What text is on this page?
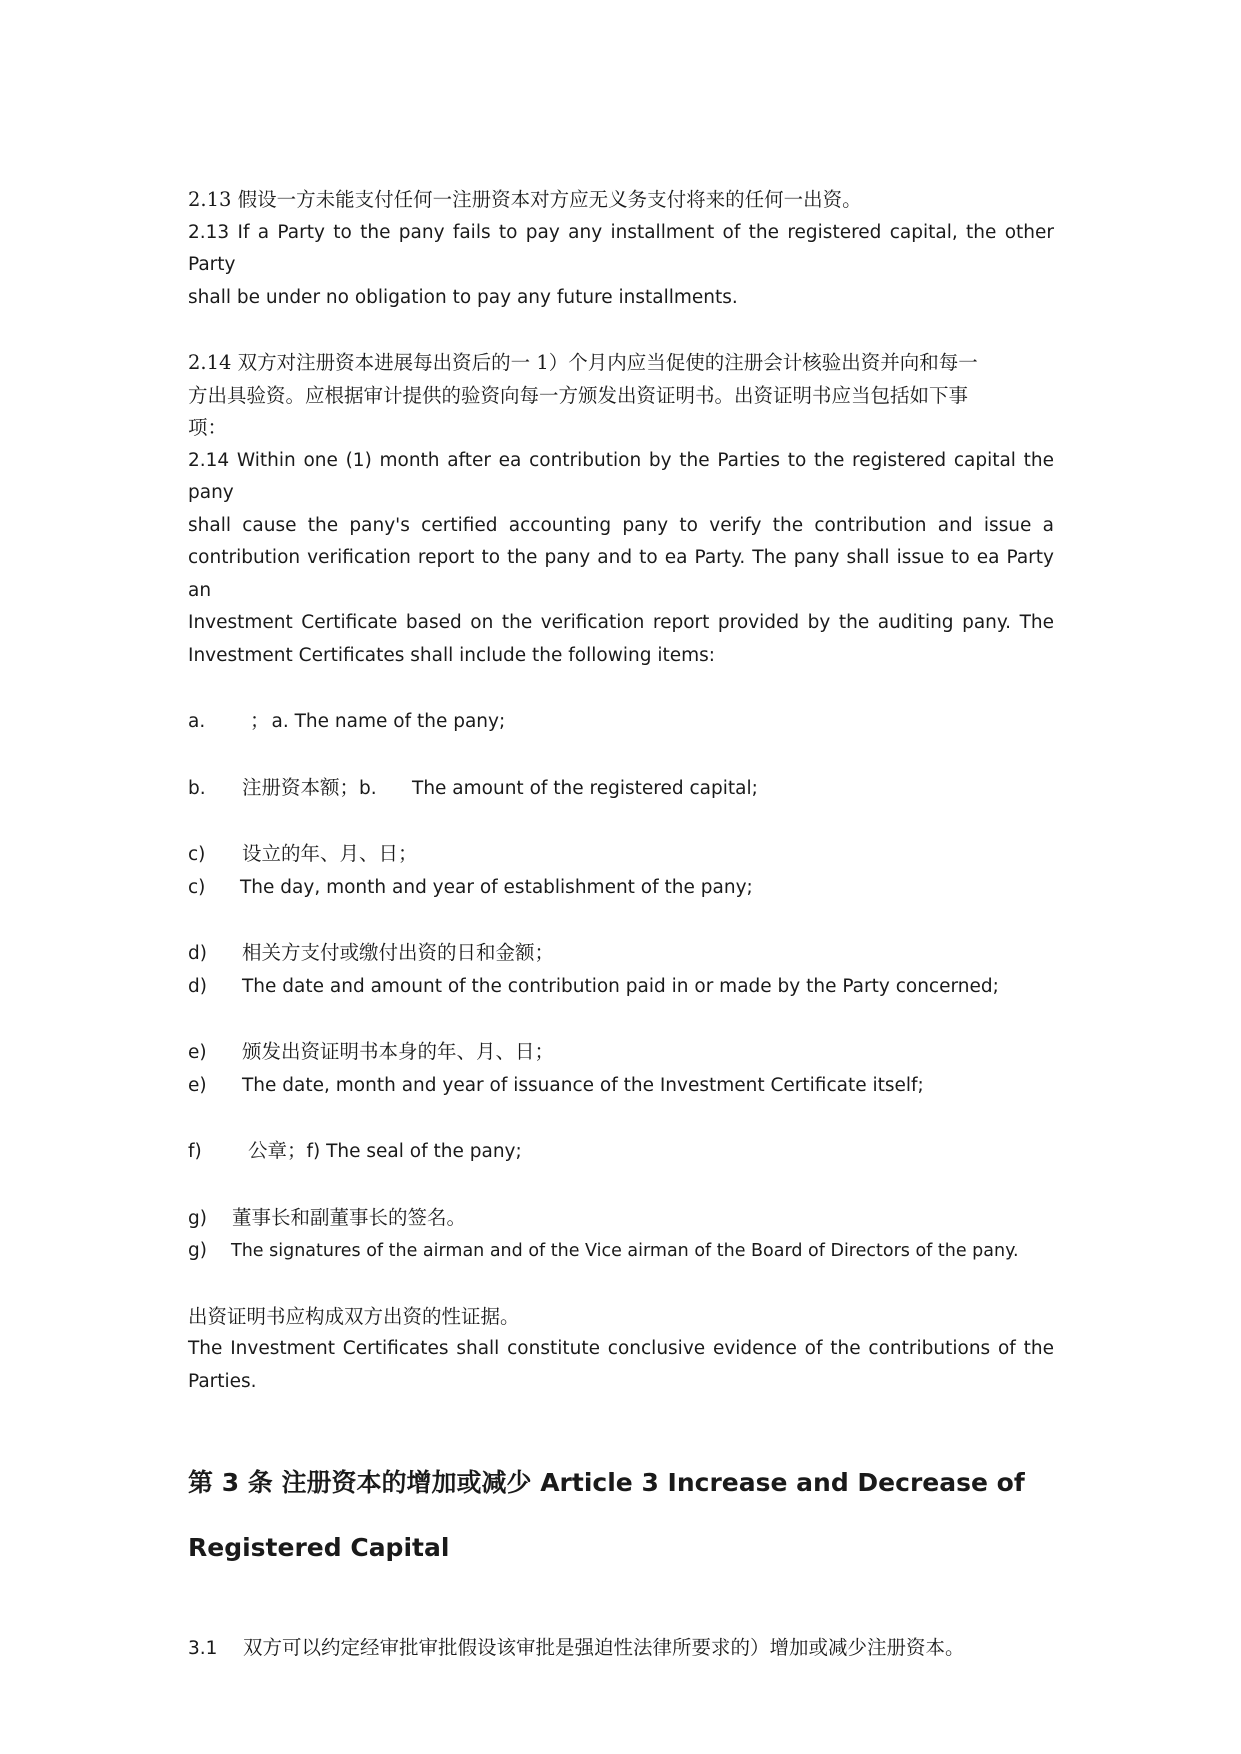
2.13 假设一方未能支付任何一注册资本对方应无义务支付将来的任何一出资。
2.13 If a Party to the pany fails to pay any installment of the registered capital, the other Party
shall be under no obligation to pay any future installments.
2.14 双方对注册资本进展每出资后的一 1）个月内应当促使的注册会计核验出资并向和每一
方出具验资。应根据审计提供的验资向每一方颁发出资证明书。出资证明书应当包括如下事
项：
2.14 Within one (1) month after ea contribution by the Parties to the registered capital the pany
shall cause the pany's certified accounting pany to verify the contribution and issue a
contribution verification report to the pany and to ea Party. The pany shall issue to ea Party an
Investment Certificate based on the verification report provided by the auditing pany. The
Investment Certificates shall include the following items:
a.	； a. The name of the pany;
b.	注册资本额； b.	The amount of the registered capital;
c)	设立的年、月、日；
c)	The day, month and year of establishment of the pany;
d)	相关方支付或缴付出资的日和金额；
d)	The date and amount of the contribution paid in or made by the Party concerned;
e)	颁发出资证明书本身的年、月、日；
e)	The date, month and year of issuance of the Investment Certificate itself;
f)	公章； f) The seal of the pany;
g)	董事长和副董事长的签名。
g)	The signatures of the airman and of the Vice airman of the Board of Directors of the pany.
出资证明书应构成双方出资的性证据。
The Investment Certificates shall constitute conclusive evidence of the contributions of the
Parties.
第 3 条 注册资本的增加或减少 Article 3 Increase and Decrease of
Registered Capital
3.1	双方可以约定经审批审批假设该审批是强迫性法律所要求的）增加或减少注册资本。
